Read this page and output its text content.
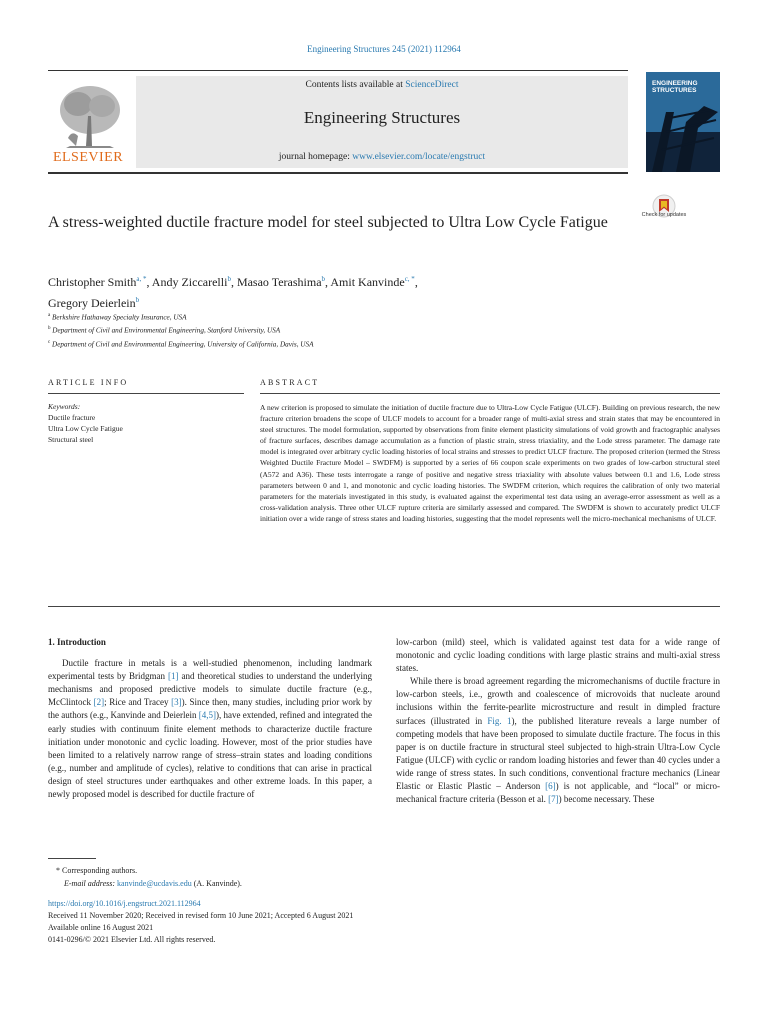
Engineering Structures 245 (2021) 112964
Contents lists available at ScienceDirect
Engineering Structures
journal homepage: www.elsevier.com/locate/engstruct
ELSEVIER
ENGINEERING STRUCTURES
A stress-weighted ductile fracture model for steel subjected to Ultra Low Cycle Fatigue	Check for updates
Christopher Smith$^{a, *}$, Andy Ziccarelli$^b$, Masao Terashima$^b$, Amit Kanvinde$^{c, *}$,
Gregory Deierlein$^b$
$^a$ Berkshire Hathaway Specialty Insurance, USA
$^b$ Department of Civil and Environmental Engineering, Stanford University, USA
$^c$ Department of Civil and Environmental Engineering, University of California, Davis, USA
ARTICLE INFO	ABSTRACT
Keywords:
Ductile fracture
Ultra Low Cycle Fatigue
Structural steel
A new criterion is proposed to simulate the initiation of ductile fracture due to Ultra-Low Cycle Fatigue (ULCF). Building on previous research, the new fracture criterion broadens the scope of ULCF models to account for a broader range of multi-axial stress and strain states that may be encountered in steel structures. The model formulation, supported by observations from finite element plasticity simulations of void growth and fractographic analyses of fracture surfaces, describes damage accumulation as a function of plastic strain, stress triaxiality, and the Lode stress parameter. The damage rate model is integrated over arbitrary cyclic loading histories of local strains and stresses to predict ULCF fracture. The proposed criterion (termed the Stress Weighted Ductile Fracture Model – SWDFM) is supported by a series of 66 coupon scale experiments on two grades of low-carbon structural steel (A572 and A36). These tests interrogate a range of positive and negative stress triaxiality with absolute values between 0.1 and 1.6, Lode stress parameters between 0 and 1, and monotonic and cyclic loading histories. The SWDFM criterion, which requires the calibration of only two material parameters for the materials investigated in this study, is evaluated against the experimental test data using an average-error assessment as well as a cross-validation analysis. Three other ULCF rupture criteria are similarly assessed and compared. The SWDFM is shown to accurately predict ULCF initiation over a wide range of stress states and loading histories, suggesting that the model represents well the micro-mechanical mechanisms of ULCF.
1. Introduction

Ductile fracture in metals is a well-studied phenomenon, including landmark experimental tests by Bridgman [1] and theoretical studies to understand the underlying mechanisms and proposed predictive models to simulate ductile fracture (e.g., McClintock [2]; Rice and Tracey [3]). Since then, many studies, including prior work by the authors (e.g., Kanvinde and Deierlein [4,5]), have extended, refined and integrated the early studies with continuum finite element methods to characterize ductile fracture initiation under monotonic and cyclic loading. However, most of the prior studies have been limited to a relatively narrow range of stress–strain states and loading conditions (e.g., number and amplitude of cycles), relative to conditions that can arise in practical design of steel structures under earthquakes and other extreme loads. In this paper, a newly proposed model is described for ductile fracture of

low-carbon (mild) steel, which is validated against test data for a wide range of monotonic and cyclic loading conditions with large plastic strains and multi-axial stress states.

While there is broad agreement regarding the micromechanisms of ductile fracture in low-carbon steels, i.e., growth and coalescence of microvoids that nucleate around inclusions within the ferrite-pearlite microstructure and result in dimpled fracture surfaces (illustrated in Fig. 1), the published literature reveals a large number of competing models that have been proposed to simulate ductile fracture. The focus in this paper is on ductile fracture in structural steel subjected to high-strain Ultra-Low Cycle Fatigue (ULCF) with cyclic or random loading histories and fewer than 40 cycles under a wide range of stress states. In such conditions, conventional fracture mechanics (Linear Elastic or Elastic Plastic – Anderson [6]) is not applicable, and “local” or micro-mechanical fracture criteria (Besson et al. [7]) become necessary. These

* Corresponding authors.
E-mail address: kanvinde@ucdavis.edu (A. Kanvinde).
https://doi.org/10.1016/j.engstruct.2021.112964
Received 11 November 2020; Received in revised form 10 June 2021; Accepted 6 August 2021
Available online 16 August 2021
0141-0296/© 2021 Elsevier Ltd. All rights reserved.
